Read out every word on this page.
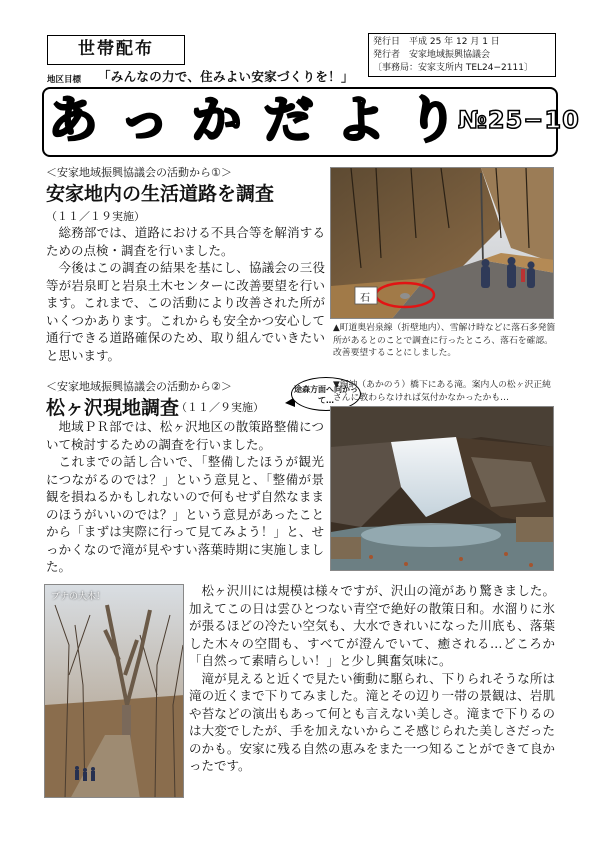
世帯配布	発行日　平成 25 年 12 月 1 日
発行者　安家地域振興協議会
〔事務局：安家支所内 TEL24−2111〕
地区目標 「みんなの力で、住みよい安家づくりを！」
あっかだより
№25−10
＜安家地域振興協議会の活動から①＞
安家地内の生活道路を調査
（１１／１９実施）

総務部では、道路における不具合等を解消するための点検・調査を行いました。

今後はこの調査の結果を基にし、協議会の三役等が岩泉町と岩泉土木センターに改善要望を行います。これまで、この活動により改善された所がいくつかあります。これからも安全かつ安心して通行できる道路確保のため、取り組んでいきたいと思います。

石
▲町道奥岩泉線（折壁地内）、雪解け時などに落石多発箇所があるとのことで調査に行ったところ、落石を確認。改善要望することにしました。
＜安家地域振興協議会の活動から②＞	途森方面へ向かって…
松ヶ沢現地調査
（１１／９実施）

地域ＰＲ部では、松ヶ沢地区の散策路整備について検討するための調査を行いました。

これまでの話し合いで、「整備したほうが観光につながるのでは？」という意見と、「整備が景観を損ねるかもしれないので何もせず自然なままのほうがいいのでは？」という意見があったことから「まずは実際に行って見てみよう！」と、せっかくなので滝が見やすい落葉時期に実施しました。

▼銅納（あかのう）橋下にある滝。案内人の松ヶ沢正純さんに教わらなければ気付かなかったかも…
ブナの大木！	松ヶ沢川には規模は様々ですが、沢山の滝があり驚きました。加えてこの日は雲ひとつない青空で絶好の散策日和。水溜りに氷が張るほどの冷たい空気も、大水できれいになった川底も、落葉した木々の空間も、すべてが澄んでいて、癒される…どころか「自然って素晴らしい！」と少し興奮気味に。

滝が見えると近くで見たい衝動に駆られ、下りられそうな所は滝の近くまで下りてみました。滝とその辺り一帯の景観は、岩肌や苔などの演出もあって何とも言えない美しさ。滝まで下りるのは大変でしたが、手を加えないからこそ感じられた美しさだったのかも。安家に残る自然の恵みをまた一つ知ることができて良かったです。
